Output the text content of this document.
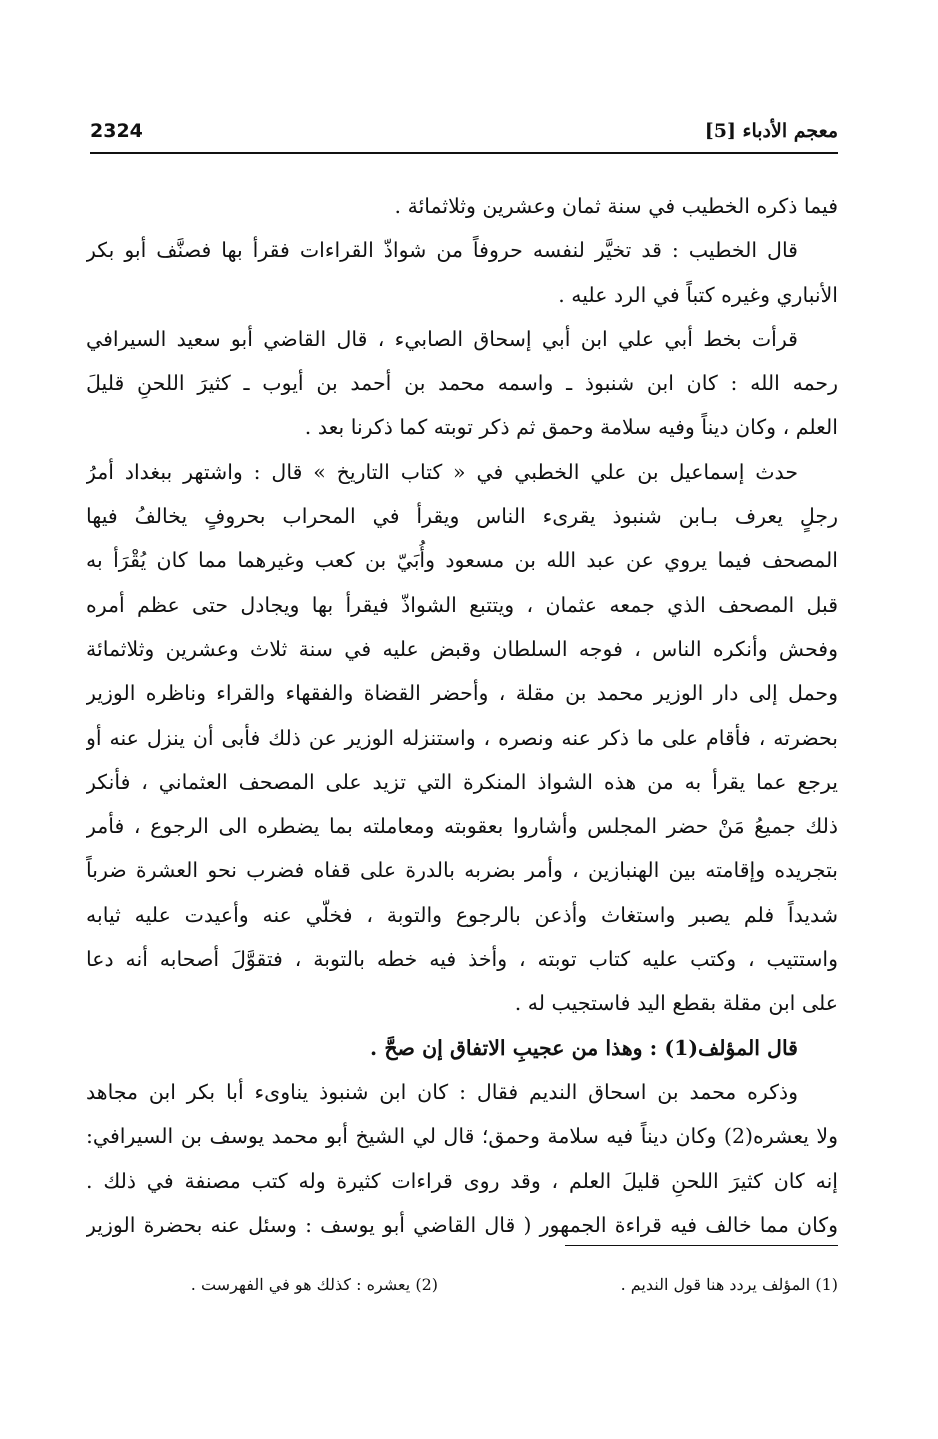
معجم الأدباء [5]
2324
فيما ذكره الخطيب في سنة ثمان وعشرين وثلاثمائة .
قال الخطيب : قد تخيَّر لنفسه حروفاً من شواذّ القراءات فقرأ بها فصنَّف أبو بكر
الأنباري وغيره كتباً في الرد عليه .
قرأت بخط أبي علي ابن أبي إسحاق الصابيء ، قال القاضي أبو سعيد السيرافي
رحمه الله : كان ابن شنبوذ ـ واسمه محمد بن أحمد بن أيوب ـ كثيرَ اللحنِ قليلَ
العلم ، وكان ديناً وفيه سلامة وحمق ثم ذكر توبته كما ذكرنا بعد .
حدث إسماعيل بن علي الخطبي في « كتاب التاريخ » قال : واشتهر ببغداد أمرُ
رجلٍ يعرف بـابن شنبوذ يقرىء الناس ويقرأ في المحراب بحروفٍ يخالفُ فيها
المصحف فيما يروي عن عبد الله بن مسعود وأُبَيّ بن كعب وغيرهما مما كان يُقْرَأ به
قبل المصحف الذي جمعه عثمان ، ويتتبع الشواذّ فيقرأ بها ويجادل حتى عظم أمره
وفحش وأنكره الناس ، فوجه السلطان وقبض عليه في سنة ثلاث وعشرين وثلاثمائة
وحمل إلى دار الوزير محمد بن مقلة ، وأحضر القضاة والفقهاء والقراء وناظره الوزير
بحضرته ، فأقام على ما ذكر عنه ونصره ، واستنزله الوزير عن ذلك فأبى أن ينزل عنه أو
يرجع عما يقرأ به من هذه الشواذ المنكرة التي تزيد على المصحف العثماني ، فأنكر
ذلك جميعُ مَنْ حضر المجلس وأشاروا بعقوبته ومعاملته بما يضطره الى الرجوع ، فأمر
بتجريده وإقامته بين الهنبازين ، وأمر بضربه بالدرة على قفاه فضرب نحو العشرة ضرباً
شديداً فلم يصبر واستغاث وأذعن بالرجوع والتوبة ، فخلّي عنه وأعيدت عليه ثيابه
واستتيب ، وكتب عليه كتاب توبته ، وأخذ فيه خطه بالتوبة ، فتقوَّلَ أصحابه أنه دعا
على ابن مقلة بقطع اليد فاستجيب له .
قال المؤلف(1) : وهذا من عجيبِ الاتفاق إن صحَّ .
وذكره محمد بن اسحاق النديم فقال : كان ابن شنبوذ يناوىء أبا بكر ابن مجاهد
ولا يعشره(2) وكان ديناً فيه سلامة وحمق؛ قال لي الشيخ أبو محمد يوسف بن السيرافي:
إنه كان كثيرَ اللحنِ قليلَ العلم ، وقد روى قراءات كثيرة وله كتب مصنفة في ذلك .
وكان مما خالف فيه قراءة الجمهور ( قال القاضي أبو يوسف : وسئل عنه بحضرة الوزير
(1) المؤلف يردد هنا قول النديم .
(2) يعشره : كذلك هو في الفهرست .
